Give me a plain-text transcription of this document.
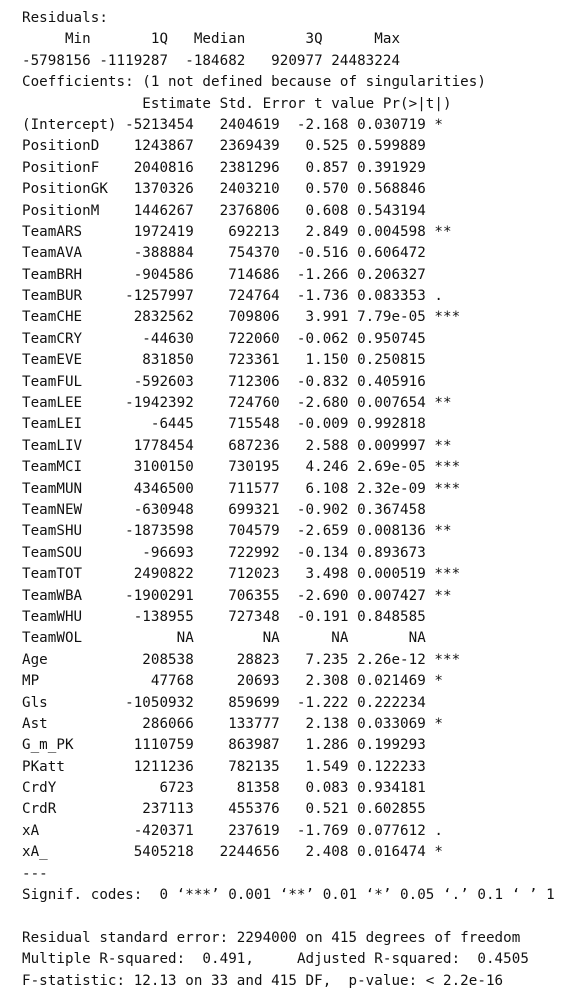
Residuals:
Min       1Q   Median       3Q      Max
-5798156 -1119287  -184682   920977 24483224
Coefficients: (1 not defined because of singularities)
Estimate Std. Error t value Pr(>|t|)
(Intercept) -5213454   2404619  -2.168 0.030719 *
PositionD    1243867   2369439   0.525 0.599889
PositionF    2040816   2381296   0.857 0.391929
PositionGK   1370326   2403210   0.570 0.568846
PositionM    1446267   2376806   0.608 0.543194
TeamARS      1972419    692213   2.849 0.004598 **
TeamAVA      -388884    754370  -0.516 0.606472
TeamBRH      -904586    714686  -1.266 0.206327
TeamBUR     -1257997    724764  -1.736 0.083353 .
TeamCHE      2832562    709806   3.991 7.79e-05 ***
TeamCRY       -44630    722060  -0.062 0.950745
TeamEVE       831850    723361   1.150 0.250815
TeamFUL      -592603    712306  -0.832 0.405916
TeamLEE     -1942392    724760  -2.680 0.007654 **
TeamLEI        -6445    715548  -0.009 0.992818
TeamLIV      1778454    687236   2.588 0.009997 **
TeamMCI      3100150    730195   4.246 2.69e-05 ***
TeamMUN      4346500    711577   6.108 2.32e-09 ***
TeamNEW      -630948    699321  -0.902 0.367458
TeamSHU     -1873598    704579  -2.659 0.008136 **
TeamSOU       -96693    722992  -0.134 0.893673
TeamTOT      2490822    712023   3.498 0.000519 ***
TeamWBA     -1900291    706355  -2.690 0.007427 **
TeamWHU      -138955    727348  -0.191 0.848585
TeamWOL           NA        NA      NA       NA
Age           208538     28823   7.235 2.26e-12 ***
MP             47768     20693   2.308 0.021469 *
Gls         -1050932    859699  -1.222 0.222234
Ast           286066    133777   2.138 0.033069 *
G_m_PK       1110759    863987   1.286 0.199293
PKatt        1211236    782135   1.549 0.122233
CrdY            6723     81358   0.083 0.934181
CrdR          237113    455376   0.521 0.602855
xA           -420371    237619  -1.769 0.077612 .
xA_          5405218   2244656   2.408 0.016474 *
---
Signif. codes:  0 ‘***’ 0.001 ‘**’ 0.01 ‘*’ 0.05 ‘.’ 0.1 ‘ ’ 1

Residual standard error: 2294000 on 415 degrees of freedom
Multiple R-squared:  0.491,	Adjusted R-squared:  0.4505
F-statistic: 12.13 on 33 and 415 DF,  p-value: < 2.2e-16
